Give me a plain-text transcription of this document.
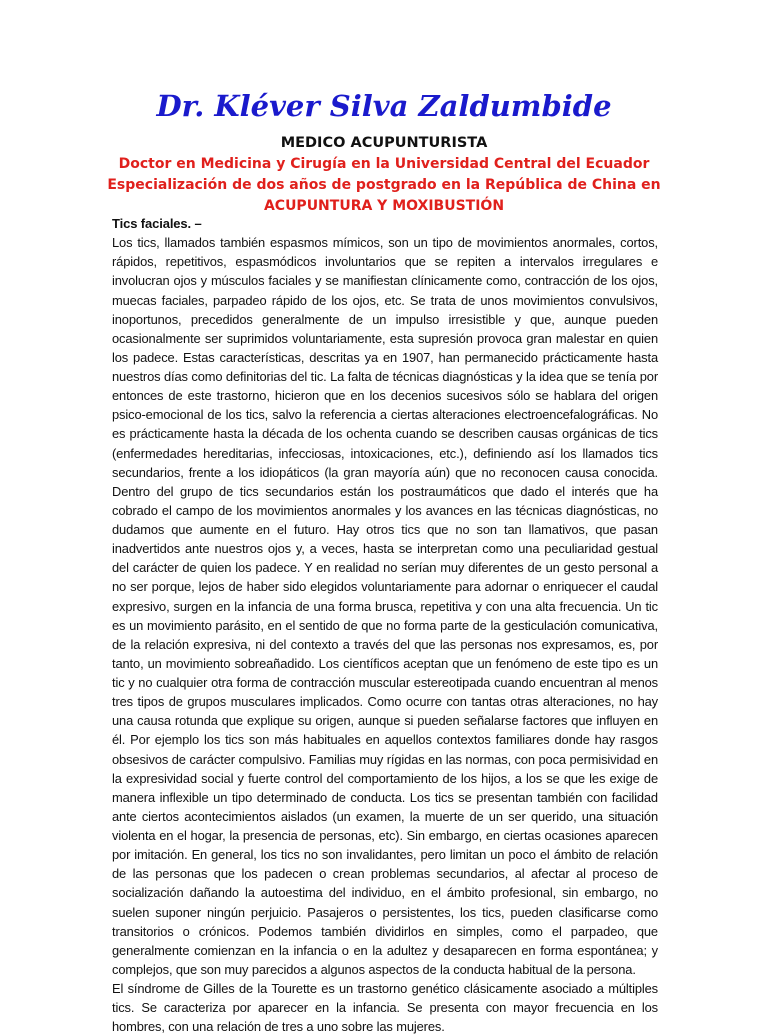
Dr. Kléver Silva Zaldumbide
MEDICO ACUPUNTURISTA
Doctor en Medicina y Cirugía en la Universidad Central del Ecuador
Especialización de dos años de postgrado en la República de China en
ACUPUNTURA Y MOXIBUSTIÓN
Tics faciales. –

Los tics, llamados también espasmos mímicos, son un tipo de movimientos anormales, cortos, rápidos, repetitivos, espasmódicos involuntarios que se repiten a intervalos irregulares e involucran ojos y músculos faciales y se manifiestan clínicamente como, contracción de los ojos, muecas faciales, parpadeo rápido de los ojos, etc. Se trata de unos movimientos convulsivos, inoportunos, precedidos generalmente de un impulso irresistible y que, aunque pueden ocasionalmente ser suprimidos voluntariamente, esta supresión provoca gran malestar en quien los padece. Estas características, descritas ya en 1907, han permanecido prácticamente hasta nuestros días como definitorias del tic. La falta de técnicas diagnósticas y la idea que se tenía por entonces de este trastorno, hicieron que en los decenios sucesivos sólo se hablara del origen psico-emocional de los tics, salvo la referencia a ciertas alteraciones electroencefalográficas. No es prácticamente hasta la década de los ochenta cuando se describen causas orgánicas de tics (enfermedades hereditarias, infecciosas, intoxicaciones, etc.), definiendo así los llamados tics secundarios, frente a los idiopáticos (la gran mayoría aún) que no reconocen causa conocida. Dentro del grupo de tics secundarios están los postraumáticos que dado el interés que ha cobrado el campo de los movimientos anormales y los avances en las técnicas diagnósticas, no dudamos que aumente en el futuro. Hay otros tics que no son tan llamativos, que pasan inadvertidos ante nuestros ojos y, a veces, hasta se interpretan como una peculiaridad gestual del carácter de quien los padece. Y en realidad no serían muy diferentes de un gesto personal a no ser porque, lejos de haber sido elegidos voluntariamente para adornar o enriquecer el caudal expresivo, surgen en la infancia de una forma brusca, repetitiva y con una alta frecuencia. Un tic es un movimiento parásito, en el sentido de que no forma parte de la gesticulación comunicativa, de la relación expresiva, ni del contexto a través del que las personas nos expresamos, es, por tanto, un movimiento sobreañadido. Los científicos aceptan que un fenómeno de este tipo es un tic y no cualquier otra forma de contracción muscular estereotipada cuando encuentran al menos tres tipos de grupos musculares implicados. Como ocurre con tantas otras alteraciones, no hay una causa rotunda que explique su origen, aunque si pueden señalarse factores que influyen en él. Por ejemplo los tics son más habituales en aquellos contextos familiares donde hay rasgos obsesivos de carácter compulsivo. Familias muy rígidas en las normas, con poca permisividad en la expresividad social y fuerte control del comportamiento de los hijos, a los se que les exige de manera inflexible un tipo determinado de conducta. Los tics se presentan también con facilidad ante ciertos acontecimientos aislados (un examen, la muerte de un ser querido, una situación violenta en el hogar, la presencia de personas, etc). Sin embargo, en ciertas ocasiones aparecen por imitación. En general, los tics no son invalidantes, pero limitan un poco el ámbito de relación de las personas que los padecen o crean problemas secundarios, al afectar al proceso de socialización dañando la autoestima del individuo, en el ámbito profesional, sin embargo, no suelen suponer ningún perjuicio. Pasajeros o persistentes, los tics, pueden clasificarse como transitorios o crónicos. Podemos también dividirlos en simples, como el parpadeo, que generalmente comienzan en la infancia o en la adultez y desaparecen en forma espontánea; y complejos, que son muy parecidos a algunos aspectos de la conducta habitual de la persona.

El síndrome de Gilles de la Tourette es un trastorno genético clásicamente asociado a múltiples tics. Se caracteriza por aparecer en la infancia. Se presenta con mayor frecuencia en los hombres, con una relación de tres a uno sobre las mujeres.
